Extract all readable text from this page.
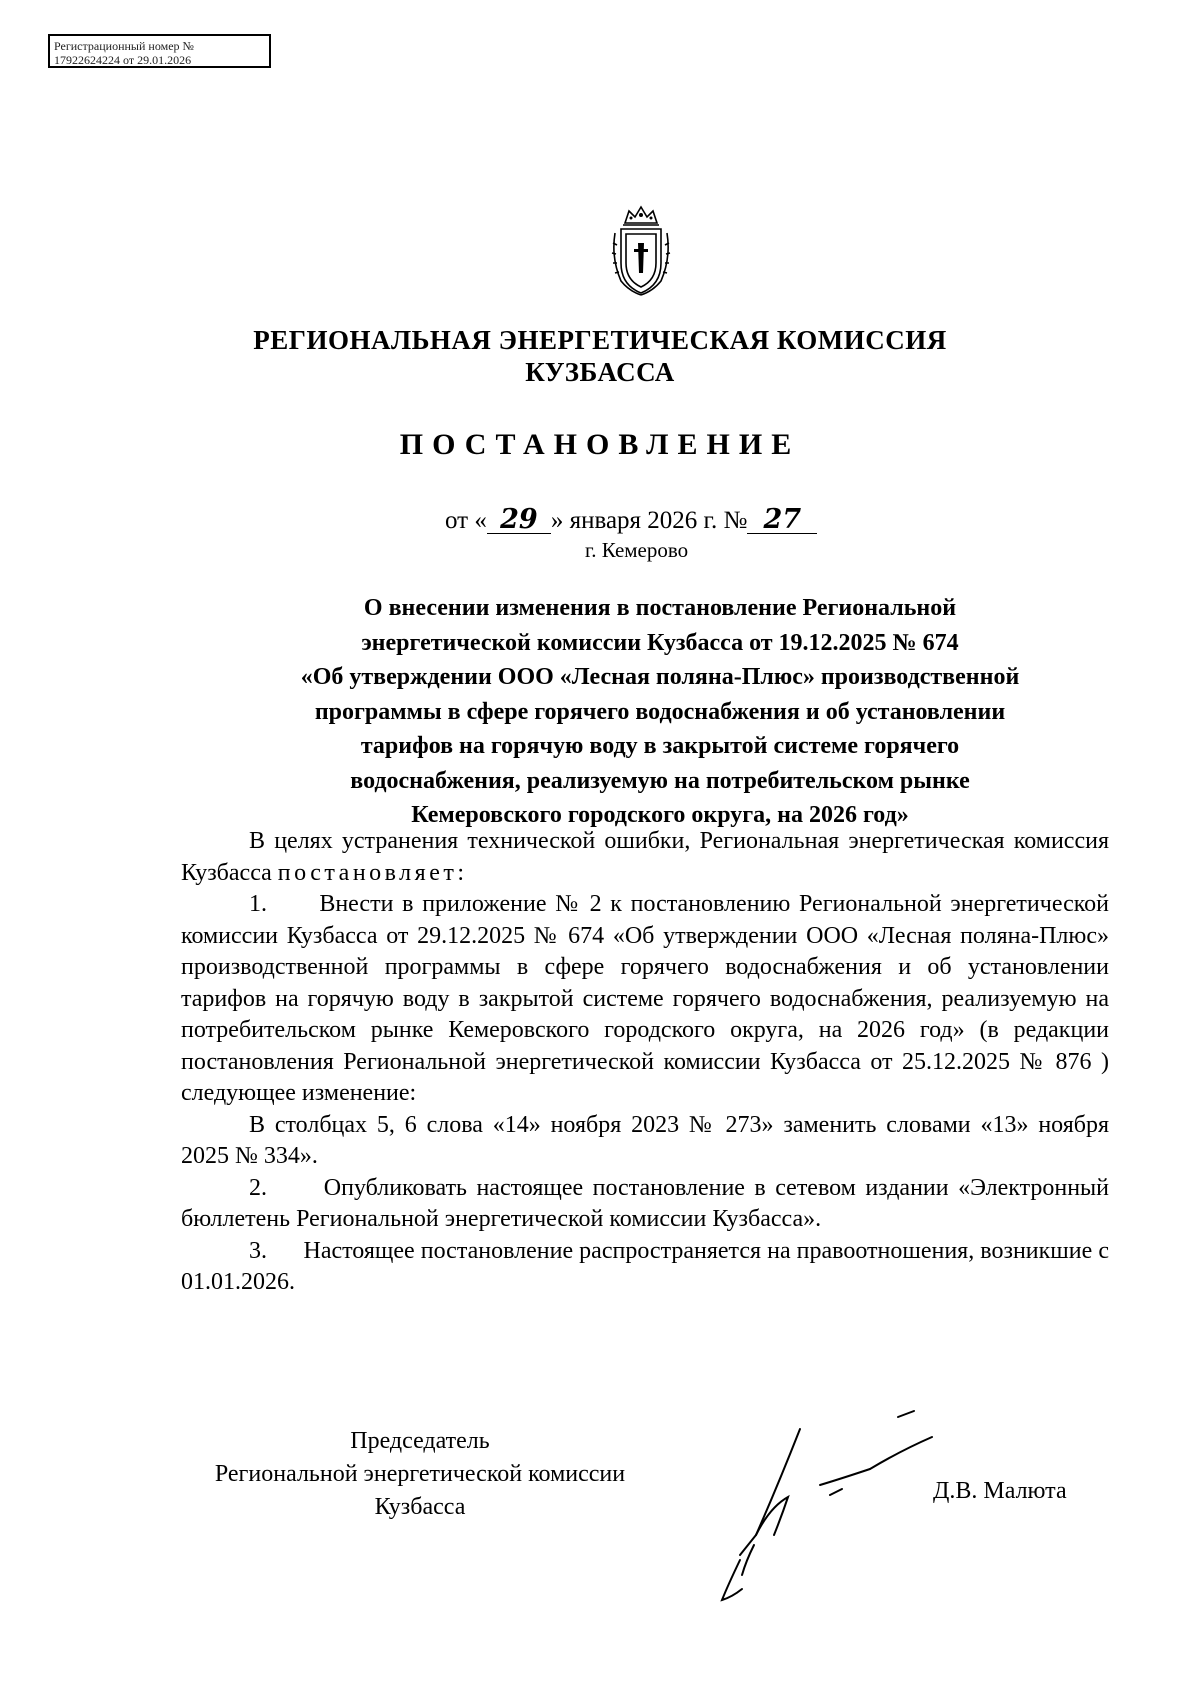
Регистрационный номер №
17922624224 от 29.01.2026
РЕГИОНАЛЬНАЯ ЭНЕРГЕТИЧЕСКАЯ КОМИССИЯ
КУЗБАССА
ПОСТАНОВЛЕНИЕ
от « 29 » января 2026 г. № 27
г. Кемерово
О внесении изменения в постановление Региональной
энергетической комиссии Кузбасса от 19.12.2025 № 674
«Об утверждении ООО «Лесная поляна-Плюс» производственной
программы в сфере горячего водоснабжения и об установлении
тарифов на горячую воду в закрытой системе горячего
водоснабжения, реализуемую на потребительском рынке
Кемеровского городского округа, на 2026 год»

В целях устранения технической ошибки, Региональная энергетическая комиссия Кузбасса постановляет:

1. Внести в приложение № 2 к постановлению Региональной энергетической комиссии Кузбасса от 29.12.2025 № 674 «Об утверждении ООО «Лесная поляна-Плюс» производственной программы в сфере горячего водоснабжения и об установлении тарифов на горячую воду в закрытой системе горячего водоснабжения, реализуемую на потребительском рынке Кемеровского городского округа, на 2026 год» (в редакции постановления Региональной энергетической комиссии Кузбасса от 25.12.2025 № 876 ) следующее изменение:

В столбцах 5, 6 слова «14» ноября 2023 № 273» заменить словами «13» ноября 2025 № 334».

2. Опубликовать настоящее постановление в сетевом издании «Электронный бюллетень Региональной энергетической комиссии Кузбасса».

3. Настоящее постановление распространяется на правоотношения, возникшие с 01.01.2026.

Председатель
Региональной энергетической комиссии
Кузбасса
Д.В. Малюта
